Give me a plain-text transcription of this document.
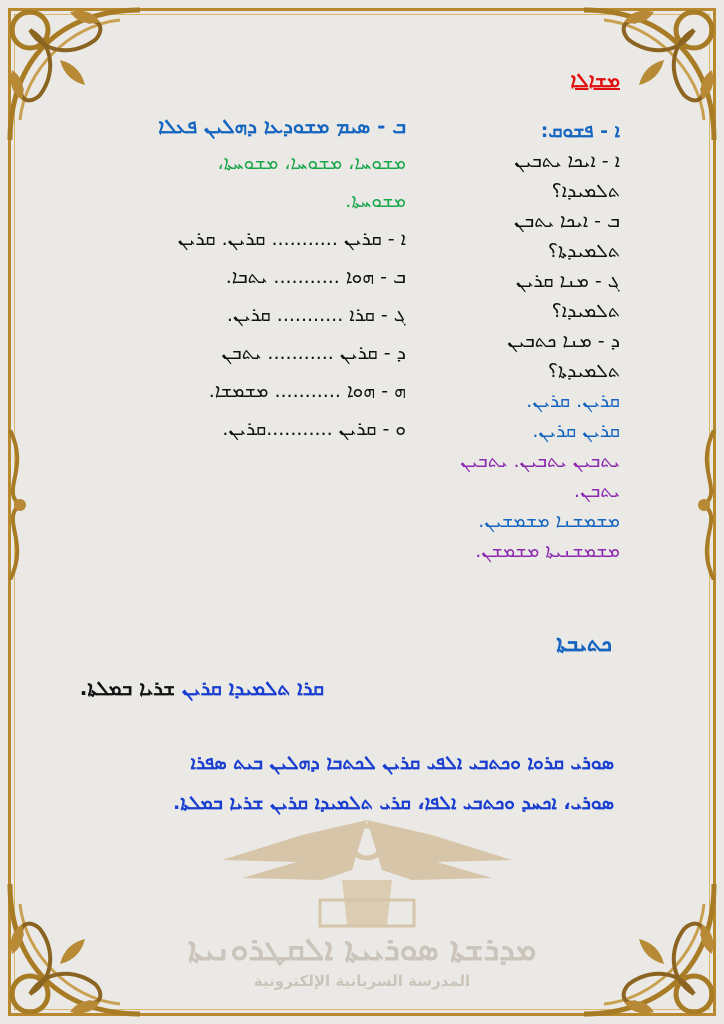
ܡܫܐܠܐ
ܐ - ܦܫܘܩ:
ܐ - ܐܝܟܐ ܝܬܒܝܢ
ܬܠܡܝܕܐ؟
ܒ - ܐܝܟܐ ܝܬܒܢ
ܬܠܡܝܕܬܐ؟
ܓ - ܡܢܐ ܩܪܝܢ
ܬܠܡܝܕܐ؟
ܕ - ܡܢܐ ܟܬܒܝܢ
ܬܠܡܝܕܬܐ؟
ܩܪܝܢ. ܩܪܝܢ.
ܩܪܝܢ ܩܪܝܢ.
ܝܬܒܝܢ ܝܬܒܝܢ. ܝܬܒܝܢ
ܝܬܒܢ.
ܡܫܡܫܢܐ ܡܫܡܫܝܢ.
ܡܫܡܫܢܝܬܐ ܡܫܡܫܢ.
ܒ - ܣܝܡ ܡܫܘܕܥܐ ܕܗܠܝܢ ܦܥܠܐ
ܡܫܘܚܐ، ܡܫܘܚܐ، ܡܫܘܚܬܐ،
ܡܫܘܚܬܐ.
ܐ - ܩܪܝܢ ........... ܩܪܝܢ. ܩܪܝܢ
ܒ - ܗܘܐ ........... ܝܬܒܐ.
ܓ - ܩܪܐ ........... ܩܪܝܢ.
ܕ - ܩܪܝܢ ........... ܝܬܒܢ
ܗ - ܗܘܐ ........... ܡܫܡܫܐ.
ܘ - ܩܪܝܢ ...........ܩܪܝܢ.
ܟܬܝܒܬܐ
ܩܪܐ ܬܠܡܝܕܐ ܩܪܝܢ ܫܪܝܐ ܒܡܠܬܐ.
ܣܘܪܝ ܩܪܘܐ ܘܟܬܒܝ ܐܠܦܝ ܩܪܝܢ ܠܟܬܒܐ ܕܗܠܝܢ ܒܝܬ ܣܦܪܐ
ܣܘܪܝ، ܐܟܚܕ ܘܟܬܒܝ ܐܠܦܐ، ܩܪܝ ܬܠܡܝܕܐ ܩܪܝܢ ܫܪܝܐ ܒܡܠܬܐ.
ܡܕܪܫܬܐ ܣܘܪܝܝܬܐ ܐܠܩܛܪܘܢܝܬܐ
المدرسة السريانية الإلكترونية
